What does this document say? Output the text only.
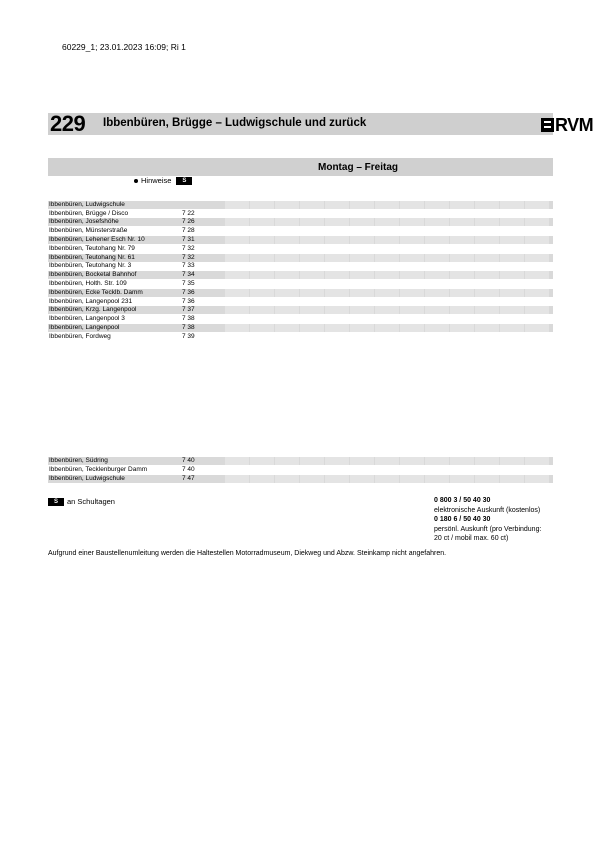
60229_1; 23.01.2023 16:09; Ri 1
229 Ibbenbüren, Brügge – Ludwigschule und zurück	RVM
Montag – Freitag
Hinweise	S
Ibbenbüren, Ludwigschule
Ibbenbüren, Brügge / Disco	7 22
Ibbenbüren, Josefshöhe	7 26
Ibbenbüren, Münsterstraße	7 28
Ibbenbüren, Lehener Esch Nr. 10	7 31
Ibbenbüren, Teutohang Nr. 79	7 32
Ibbenbüren, Teutohang Nr. 61	7 32
Ibbenbüren, Teutohang Nr. 3	7 33
Ibbenbüren, Bocketal Bahnhof	7 34
Ibbenbüren, Holth. Str. 109	7 35
Ibbenbüren, Ecke Tecklb. Damm	7 36
Ibbenbüren, Langenpool 231	7 36
Ibbenbüren, Krzg. Langenpool	7 37
Ibbenbüren, Langenpool 3	7 38
Ibbenbüren, Langenpool	7 38
Ibbenbüren, Fordweg	7 39
Ibbenbüren, Südring	7 40
Ibbenbüren, Tecklenburger Damm	7 40
Ibbenbüren, Ludwigschule	7 47
S	an Schultagen	0 800 3 / 50 40 30
elektronische Auskunft (kostenlos)
0 180 6 / 50 40 30
persönl. Auskunft (pro Verbindung:
20 ct / mobil max. 60 ct)
Aufgrund einer Baustellenumleitung werden die Haltestellen Motorradmuseum, Diekweg und Abzw. Steinkamp nicht angefahren.
